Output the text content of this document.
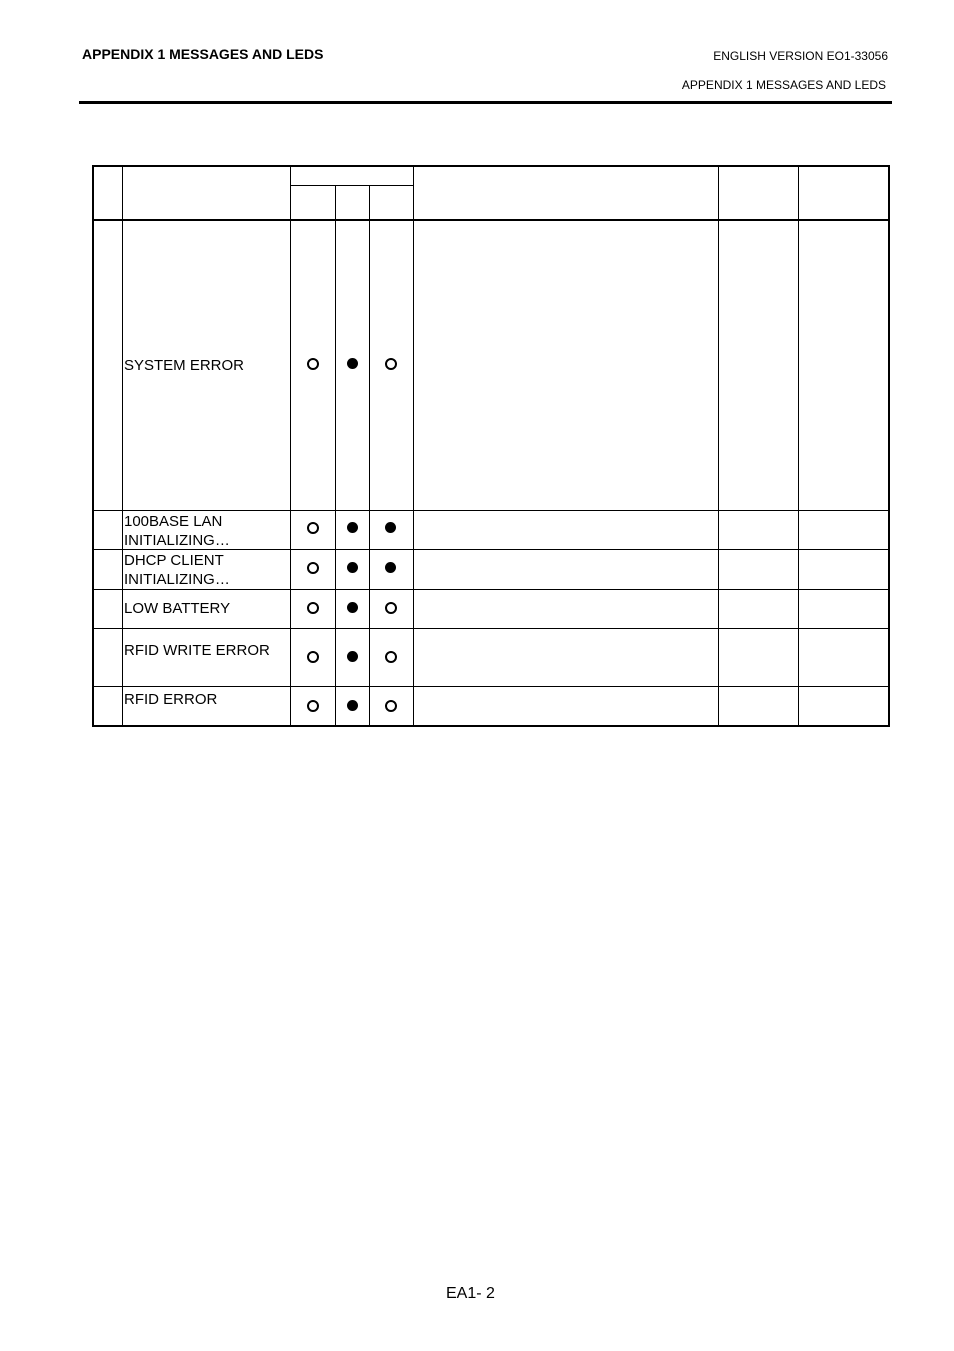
APPENDIX 1 MESSAGES AND LEDS	ENGLISH VERSION EO1-33056
APPENDIX 1 MESSAGES AND LEDS
SYSTEM ERROR
100BASE LAN
INITIALIZING…
DHCP CLIENT
INITIALIZING…
LOW BATTERY
RFID WRITE ERROR
RFID ERROR
EA1- 2
